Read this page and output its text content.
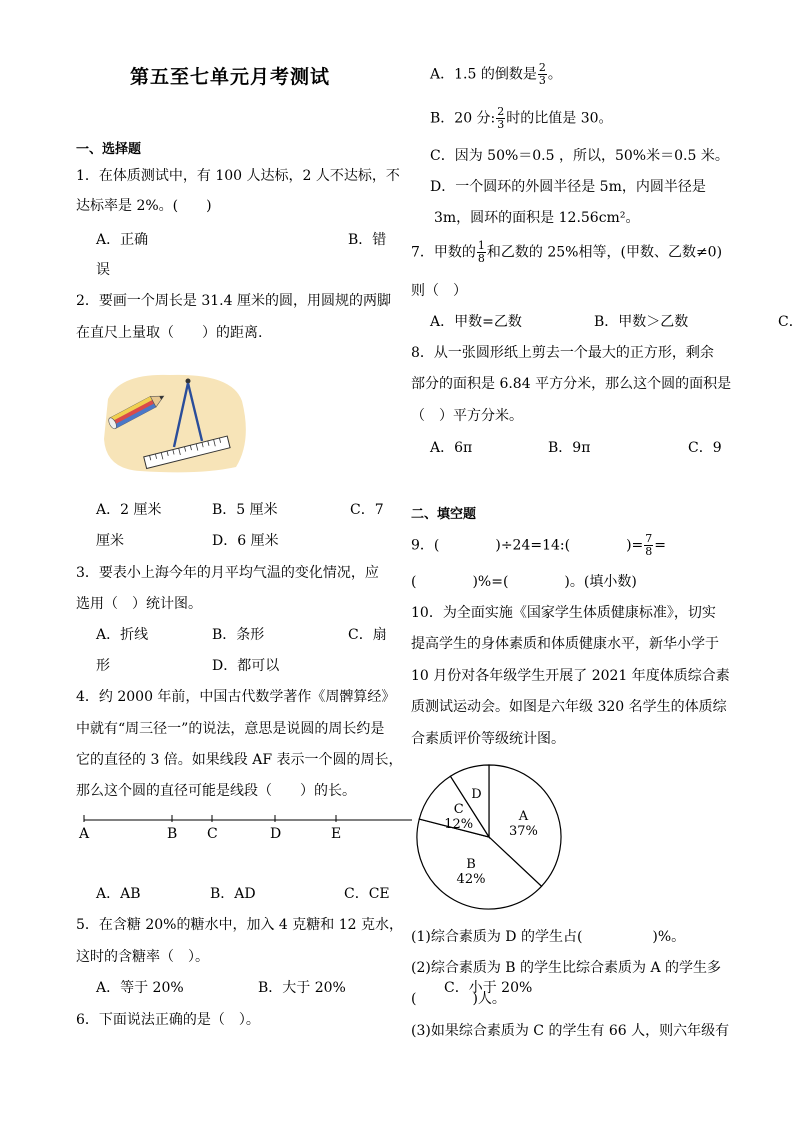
第五至七单元月考测试
一、选择题
1．在体质测试中，有 100 人达标，2 人不达标，不
达标率是 2%。(　　)
A．正确	B．错
误
2．要画一个周长是 31.4 厘米的圆，用圆规的两脚
在直尺上量取（　　）的距离.
A．2 厘米	B．5 厘米	C．7
厘米	D．6 厘米
3．要表小上海今年的月平均气温的变化情况，应
选用（　）统计图。
A．折线	B．条形	C．扇
形	D．都可以
4．约 2000 年前，中国古代数学著作《周髀算经》
中就有“周三径一”的说法，意思是说圆的周长约是
它的直径的 3 倍。如果线段 AF 表示一个圆的周长，
那么这个圆的直径可能是线段（　　）的长。
A	B C	D	E
A．AB	B．AD	C．CE
5．在含糖 20%的糖水中，加入 4 克糖和 12 克水，
这时的含糖率（　）。
A．等于 20%	B．大于 20%	C．小于 20%
6．下面说法正确的是（　）。
A．1.5 的倒数是 $\frac{2}{3}$ 。
B．20 分: $\frac{2}{3}$ 时的比值是 30。
C．因为 50%＝0.5 ，所以，50%米＝0.5 米。
D．一个圆环的外圆半径是 5m，内圆半径是
3m，圆环的面积是 12.56cm²。
7．甲数的 $\frac{1}{8}$ 和乙数的 25%相等，(甲数、乙数≠0)
则（　）
A．甲数=乙数	B．甲数＞乙数	C．
8．从一张圆形纸上剪去一个最大的正方形，剩余
部分的面积是 6.84 平方分米，那么这个圆的面积是
（　）平方分米。
A．6π	B．9π	C．9
二、填空题
9．(　　　　)÷24=14:(　　　　)= $\frac{7}{8}$ =
(　　　　)%=(　　　　)。(填小数)
10．为全面实施《国家学生体质健康标准》，切实
提高学生的身体素质和体质健康水平，新华小学于
10 月份对各年级学生开展了 2021 年度体质综合素
质测试运动会。如图是六年级 320 名学生的体质综
合素质评价等级统计图。
A
37%
B
42%
C
12%
D
(1)综合素质为 D 的学生占(　　　　　)%。
(2)综合素质为 B 的学生比综合素质为 A 的学生多
(　　　　)人。
(3)如果综合素质为 C 的学生有 66 人，则六年级有
